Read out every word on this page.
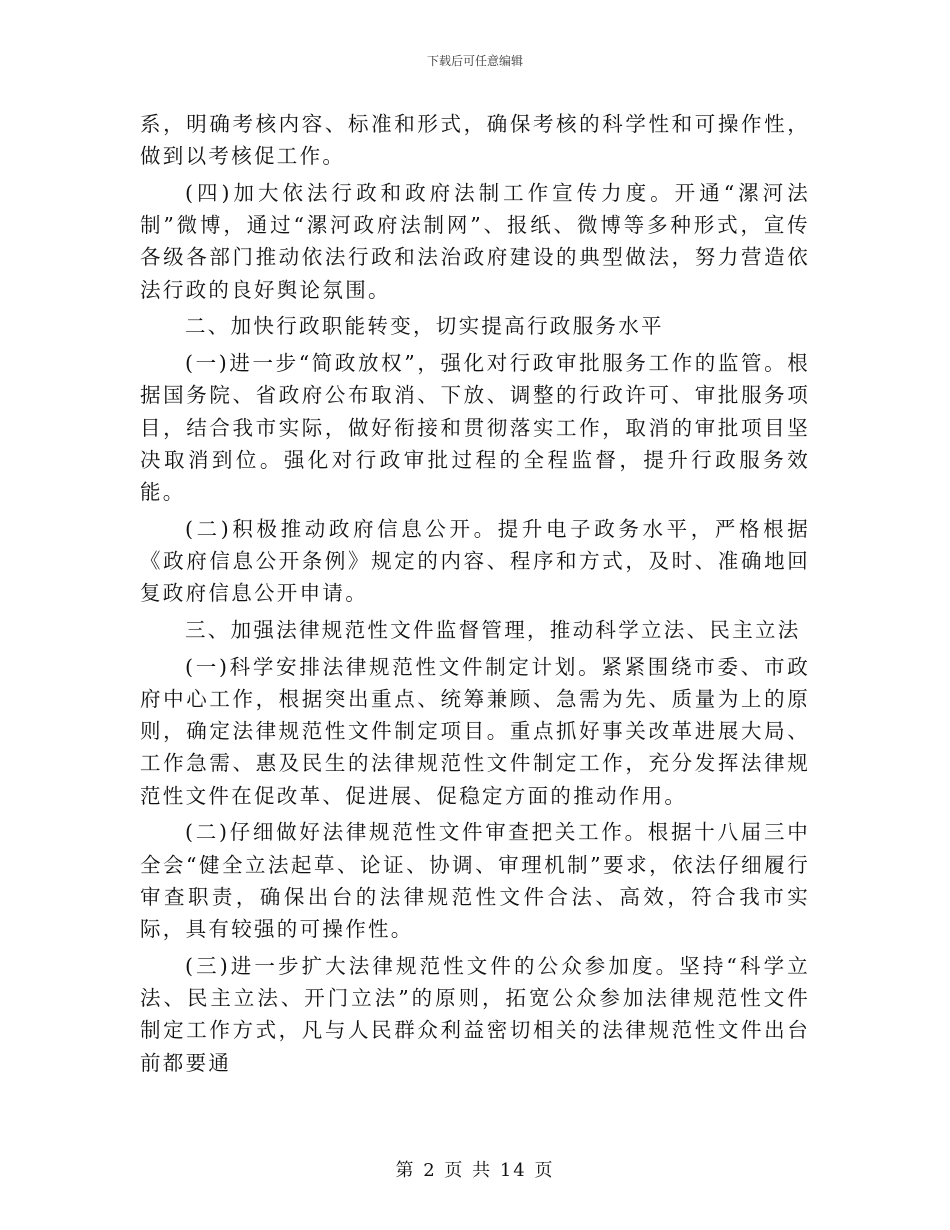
下载后可任意编辑

系，明确考核内容、标准和形式，确保考核的科学性和可操作性，做到以考核促工作。

(四)加大依法行政和政府法制工作宣传力度。开通“漯河法制”微博，通过“漯河政府法制网”、报纸、微博等多种形式，宣传各级各部门推动依法行政和法治政府建设的典型做法，努力营造依法行政的良好舆论氛围。

二、加快行政职能转变，切实提高行政服务水平

(一)进一步“简政放权”，强化对行政审批服务工作的监管。根据国务院、省政府公布取消、下放、调整的行政许可、审批服务项目，结合我市实际，做好衔接和贯彻落实工作，取消的审批项目坚决取消到位。强化对行政审批过程的全程监督，提升行政服务效能。

(二)积极推动政府信息公开。提升电子政务水平，严格根据《政府信息公开条例》规定的内容、程序和方式，及时、准确地回复政府信息公开申请。

三、加强法律规范性文件监督管理，推动科学立法、民主立法

(一)科学安排法律规范性文件制定计划。紧紧围绕市委、市政府中心工作，根据突出重点、统筹兼顾、急需为先、质量为上的原则，确定法律规范性文件制定项目。重点抓好事关改革进展大局、工作急需、惠及民生的法律规范性文件制定工作，充分发挥法律规范性文件在促改革、促进展、促稳定方面的推动作用。

(二)仔细做好法律规范性文件审查把关工作。根据十八届三中全会“健全立法起草、论证、协调、审理机制”要求，依法仔细履行审查职责，确保出台的法律规范性文件合法、高效，符合我市实际，具有较强的可操作性。

(三)进一步扩大法律规范性文件的公众参加度。坚持“科学立法、民主立法、开门立法”的原则，拓宽公众参加法律规范性文件制定工作方式，凡与人民群众利益密切相关的法律规范性文件出台前都要通

第 2 页 共 14 页
